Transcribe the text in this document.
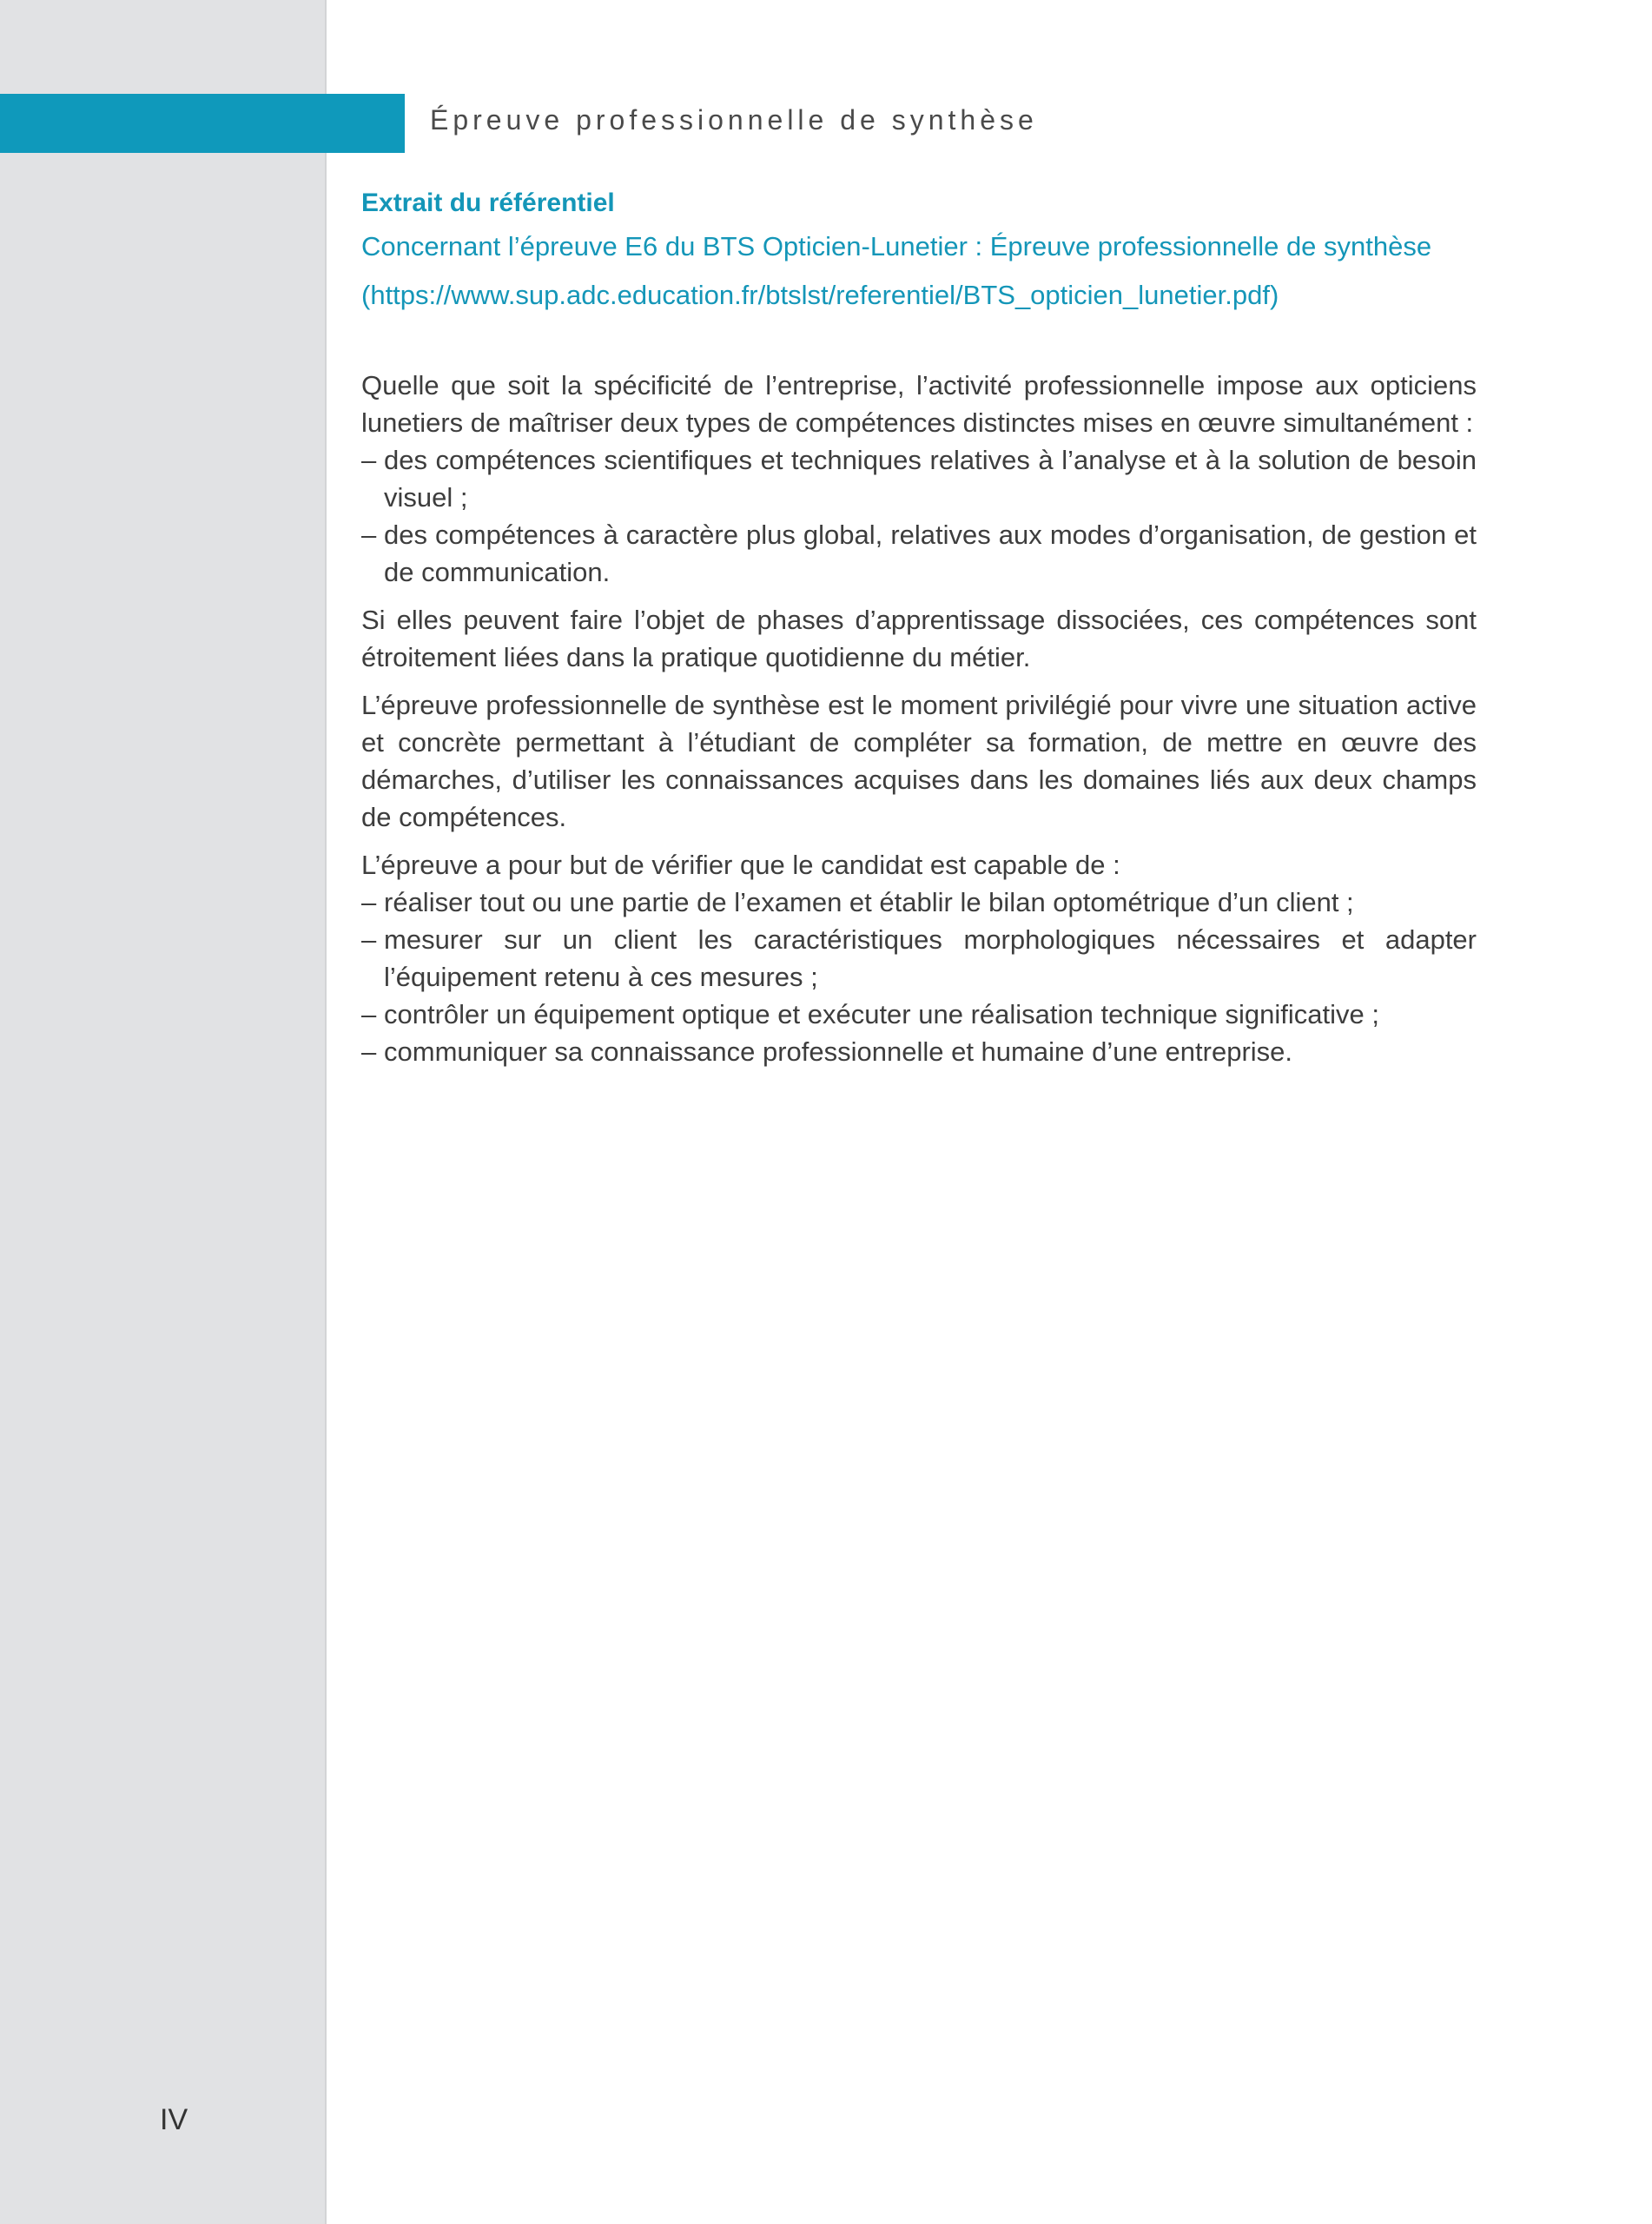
Épreuve professionnelle de synthèse
Extrait du référentiel

Concernant l’épreuve E6 du BTS Opticien-Lunetier : Épreuve professionnelle de synthèse

(https://www.sup.adc.education.fr/btslst/referentiel/BTS_opticien_lunetier.pdf)

Quelle que soit la spécificité de l’entreprise, l’activité professionnelle impose aux opticiens lunetiers de maîtriser deux types de compétences distinctes mises en œuvre simultanément :

– des compétences scientifiques et techniques relatives à l’analyse et à la solution de besoin visuel ;
– des compétences à caractère plus global, relatives aux modes d’organisation, de gestion et de communication.

Si elles peuvent faire l’objet de phases d’apprentissage dissociées, ces compétences sont étroitement liées dans la pratique quotidienne du métier.

L’épreuve professionnelle de synthèse est le moment privilégié pour vivre une situation active et concrète permettant à l’étudiant de compléter sa formation, de mettre en œuvre des démarches, d’utiliser les connaissances acquises dans les domaines liés aux deux champs de compétences.

L’épreuve a pour but de vérifier que le candidat est capable de :

– réaliser tout ou une partie de l’examen et établir le bilan optométrique d’un client ;
– mesurer sur un client les caractéristiques morphologiques nécessaires et adapter l’équipement retenu à ces mesures ;
– contrôler un équipement optique et exécuter une réalisation technique significative ;
– communiquer sa connaissance professionnelle et humaine d’une entreprise.
IV
